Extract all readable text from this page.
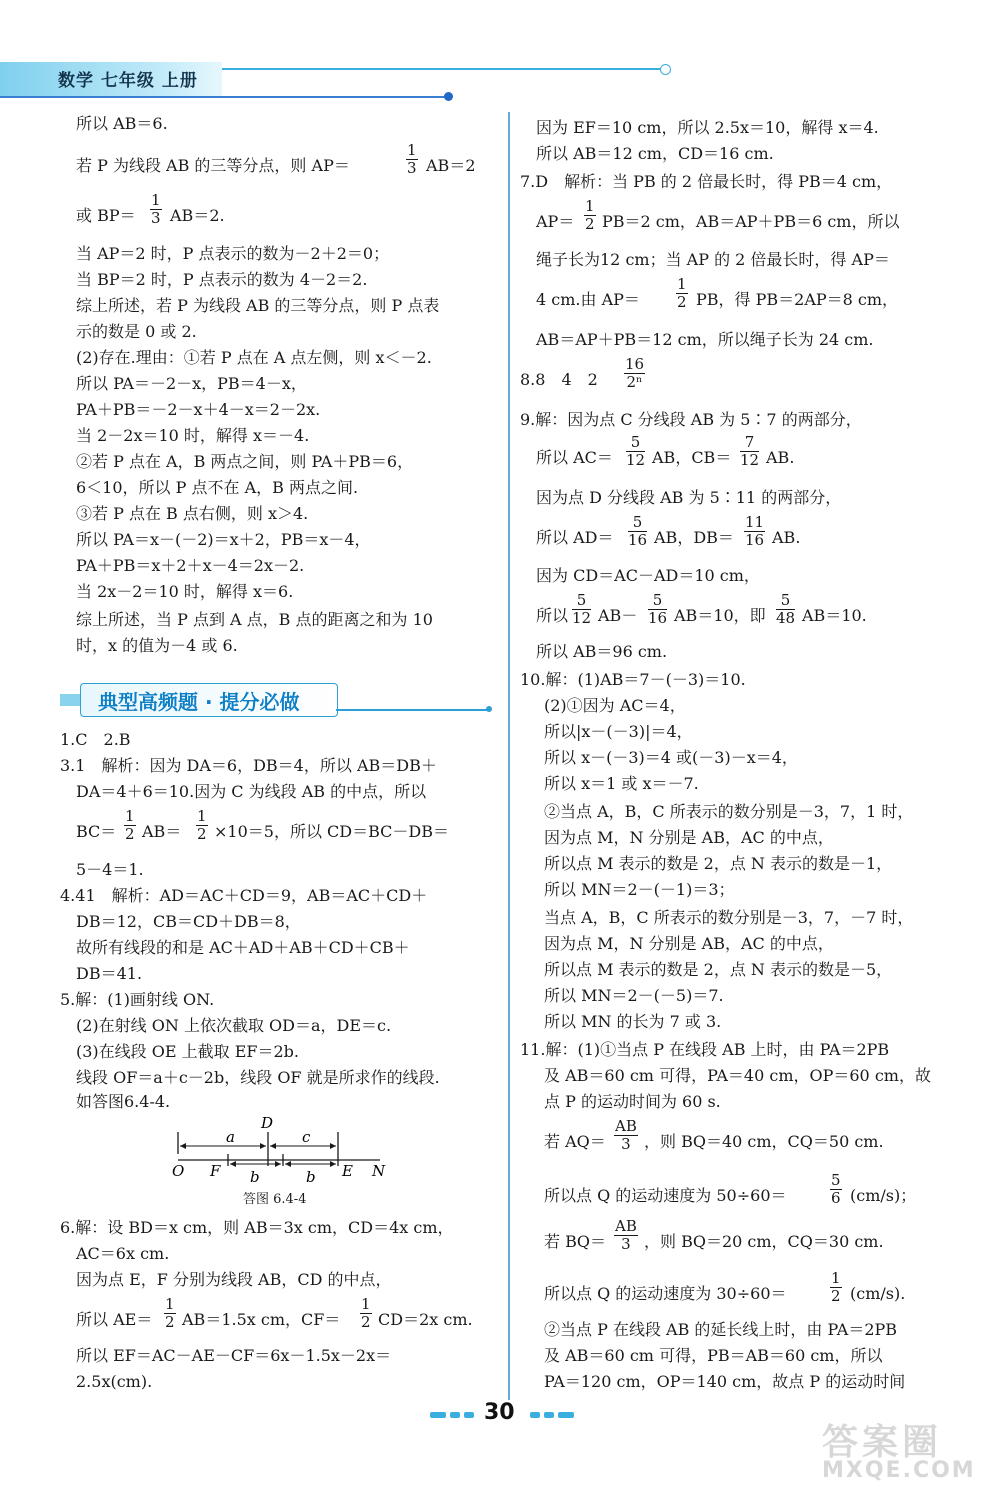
数学 七年级 上册
所以 AB＝6.
若 P 为线段 AB 的三等分点，则 AP＝	$\frac{1}{3} AB=2$
或 $BP= \frac{1}{3} AB=2$.
当 AP＝2 时，P 点表示的数为－2＋2＝0；
当 BP＝2 时，P 点表示的数为 4－2＝2.
综上所述，若 P 为线段 AB 的三等分点，则 P 点表
示的数是 0 或 2.
(2)存在.理由：①若 P 点在 A 点左侧，则 x＜－2.
所以 PA＝－2－x，PB＝4－x，
PA＋PB＝－2－x＋4－x＝2－2x.
当 2－2x＝10 时，解得 x＝－4.
②若 P 点在 A，B 两点之间，则 PA＋PB＝6，
6＜10，所以 P 点不在 A，B 两点之间.
③若 P 点在 B 点右侧，则 x＞4.
所以 PA＝x－(－2)＝x＋2，PB＝x－4，
PA＋PB＝x＋2＋x－4＝2x－2.
当 2x－2＝10 时，解得 x＝6.
综上所述，当 P 点到 A 点，B 点的距离之和为 10
时，x 的值为－4 或 6.
典型高频题 · 提分必做
1.C　2.B
3.1　解析：因为 DA＝6，DB＝4，所以 AB＝DB＋
DA＝4＋6＝10.因为 C 为线段 AB 的中点，所以
$BC= \frac{1}{2} AB= \frac{1}{2} \times 10=5$，所以 CD＝BC－DB＝
5－4＝1.
4.41　解析：AD＝AC＋CD＝9，AB＝AC＋CD＋
DB＝12，CB＝CD＋DB＝8，
故所有线段的和是 AC＋AD＋AB＋CD＋CB＋
DB＝41.
5.解：(1)画射线 ON.
(2)在射线 ON 上依次截取 OD＝a，DE＝c.
(3)在线段 OE 上截取 EF＝2b.
线段 OF＝a＋c－2b，线段 OF 就是所求作的线段.
如答图6.4-4.
a	c
D
O F b	b E N
答图 6.4-4
6.解：设 BD＝x cm，则 AB＝3x cm，CD＝4x cm，
AC＝6x cm.
因为点 E，F 分别为线段 AB，CD 的中点，
所以 $AE= \frac{1}{2} AB=1.5x$ cm，$CF= \frac{1}{2} CD=2x$ cm.
所以 EF＝AC－AE－CF＝6x－1.5x－2x＝
2.5x(cm).
因为 EF＝10 cm，所以 2.5x＝10，解得 x＝4.
所以 AB＝12 cm，CD＝16 cm.
7.D　解析：当 PB 的 2 倍最长时，得 PB＝4 cm，
$AP= \frac{1}{2} PB=2$ cm，AB＝AP＋PB＝6 cm，所以
绳子长为12 cm；当 AP 的 2 倍最长时，得 AP＝
4 cm.由 $AP= \frac{1}{2}$ PB，得 PB＝2AP＝8 cm，
AB＝AP＋PB＝12 cm，所以绳子长为 24 cm.
8.8　4　$2 \frac{16}{\text{2ⁿ}}$
9.解：因为点 C 分线段 AB 为 5∶7 的两部分，
所以 $AC= \frac{5}{12}$ AB，$CB= \frac{7}{12}$ AB.
因为点 D 分线段 AB 为 5∶11 的两部分，
所以 $AD= \frac{5}{16}$ AB，$DB= \frac{11}{16}$ AB.
因为 CD＝AC－AD＝10 cm，
所以 $\frac{5}{12} AB- \frac{5}{16} AB=10$，即 $\frac{5}{48} AB=10$.
所以 AB＝96 cm.
10.解：(1)AB＝7－(－3)＝10.
(2)①因为 AC＝4，
所以|x－(－3)|＝4，
所以 x－(－3)＝4 或(－3)－x＝4，
所以 x＝1 或 x＝－7.
②当点 A，B，C 所表示的数分别是－3，7，1 时，
因为点 M，N 分别是 AB，AC 的中点，
所以点 M 表示的数是 2，点 N 表示的数是－1，
所以 MN＝2－(－1)＝3；
当点 A，B，C 所表示的数分别是－3，7，－7 时，
因为点 M，N 分别是 AB，AC 的中点，
所以点 M 表示的数是 2，点 N 表示的数是－5，
所以 MN＝2－(－5)＝7.
所以 MN 的长为 7 或 3.
11.解：(1)①当点 P 在线段 AB 上时，由 PA＝2PB
及 AB＝60 cm 可得，PA＝40 cm，OP＝60 cm，故
点 P 的运动时间为 60 s.
若 $AQ= \frac{AB}{3}$ ，则 BQ＝40 cm，CQ＝50 cm.
所以点 Q 的运动速度为 50÷60＝	$\frac{5}{6} (cm/s)$；
若 $BQ= \frac{AB}{3}$ ，则 BQ＝20 cm，CQ＝30 cm.
所以点 Q 的运动速度为 30÷60＝	$\frac{1}{2} (cm/s)$.
②当点 P 在线段 AB 的延长线上时，由 PA＝2PB
及 AB＝60 cm 可得，PB＝AB＝60 cm，所以
PA＝120 cm，OP＝140 cm，故点 P 的运动时间
30
答案圈
MXQE.COM
